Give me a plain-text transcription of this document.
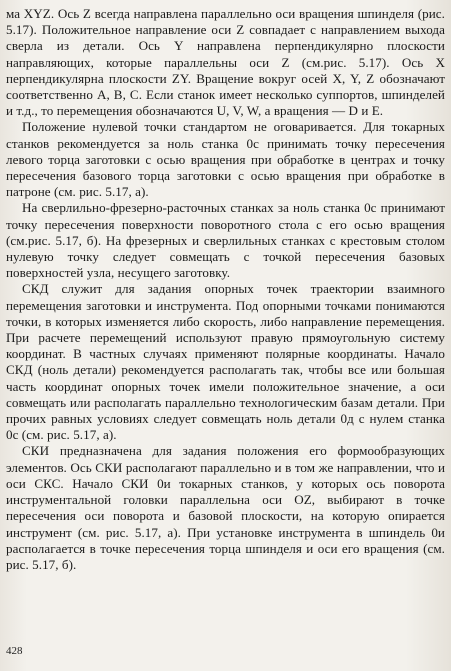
ма XYZ. Ось Z всегда направлена параллельно оси вращения шпинделя (рис. 5.17). Положительное направление оси Z совпадает с направлением выхода сверла из детали. Ось Y направлена перпендикулярно плоскости направляющих, которые параллельны оси Z (см.рис. 5.17). Ось X перпендикулярна плоскости ZY. Вращение вокруг осей X, Y, Z обозначают соответственно A, B, C. Если станок имеет несколько суппортов, шпинделей и т.д., то перемещения обозначаются U, V, W, а вращения — D и E.

Положение нулевой точки стандартом не оговаривается. Для токарных станков рекомендуется за ноль станка 0с принимать точку пересечения левого торца заготовки с осью вращения при обработке в центрах и точку пересечения базового торца заготовки с осью вращения при обработке в патроне (см. рис. 5.17, а).

На сверлильно-фрезерно-расточных станках за ноль станка 0с принимают точку пересечения поверхности поворотного стола с его осью вращения (см.рис. 5.17, б). На фрезерных и сверлильных станках с крестовым столом нулевую точку следует совмещать с точкой пересечения базовых поверхностей узла, несущего заготовку.

СКД служит для задания опорных точек траектории взаимного перемещения заготовки и инструмента. Под опорными точками понимаются точки, в которых изменяется либо скорость, либо направление перемещения. При расчете перемещений используют правую прямоугольную систему координат. В частных случаях применяют полярные координаты. Начало СКД (ноль детали) рекомендуется располагать так, чтобы все или большая часть координат опорных точек имели положительное значение, а оси совмещать или располагать параллельно технологическим базам детали. При прочих равных условиях следует совмещать ноль детали 0д с нулем станка 0с (см. рис. 5.17, а).

СКИ предназначена для задания положения его формообразующих элементов. Ось СКИ располагают параллельно и в том же направлении, что и оси СКС. Начало СКИ 0и токарных станков, у которых ось поворота инструментальной головки параллельна оси OZ, выбирают в точке пересечения оси поворота и базовой плоскости, на которую опирается инструмент (см. рис. 5.17, а). При установке инструмента в шпиндель 0и располагается в точке пересечения торца шпинделя и оси его вращения (см. рис. 5.17, б).

428
